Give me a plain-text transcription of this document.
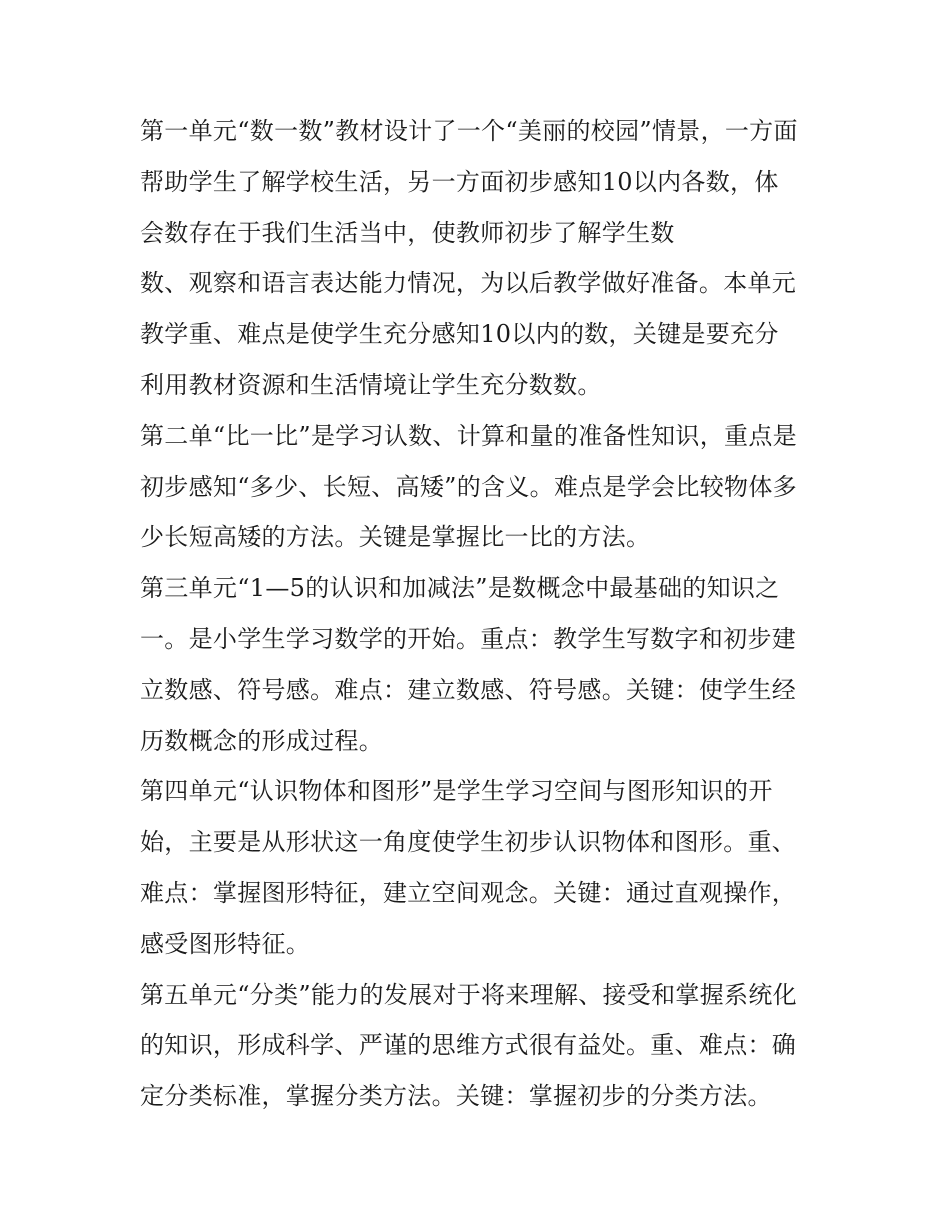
第一单元“数一数”教材设计了一个“美丽的校园”情景，一方面
帮助学生了解学校生活，另一方面初步感知10以内各数，体
会数存在于我们生活当中，使教师初步了解学生数
数、观察和语言表达能力情况，为以后教学做好准备。本单元
教学重、难点是使学生充分感知10以内的数，关键是要充分
利用教材资源和生活情境让学生充分数数。
第二单“比一比”是学习认数、计算和量的准备性知识，重点是
初步感知“多少、长短、高矮”的含义。难点是学会比较物体多
少长短高矮的方法。关键是掌握比一比的方法。
第三单元“1—5的认识和加减法”是数概念中最基础的知识之
一。是小学生学习数学的开始。重点：教学生写数字和初步建
立数感、符号感。难点：建立数感、符号感。关键：使学生经
历数概念的形成过程。
第四单元“认识物体和图形”是学生学习空间与图形知识的开
始，主要是从形状这一角度使学生初步认识物体和图形。重、
难点：掌握图形特征，建立空间观念。关键：通过直观操作，
感受图形特征。
第五单元“分类”能力的发展对于将来理解、接受和掌握系统化
的知识，形成科学、严谨的思维方式很有益处。重、难点：确
定分类标准，掌握分类方法。关键：掌握初步的分类方法。
